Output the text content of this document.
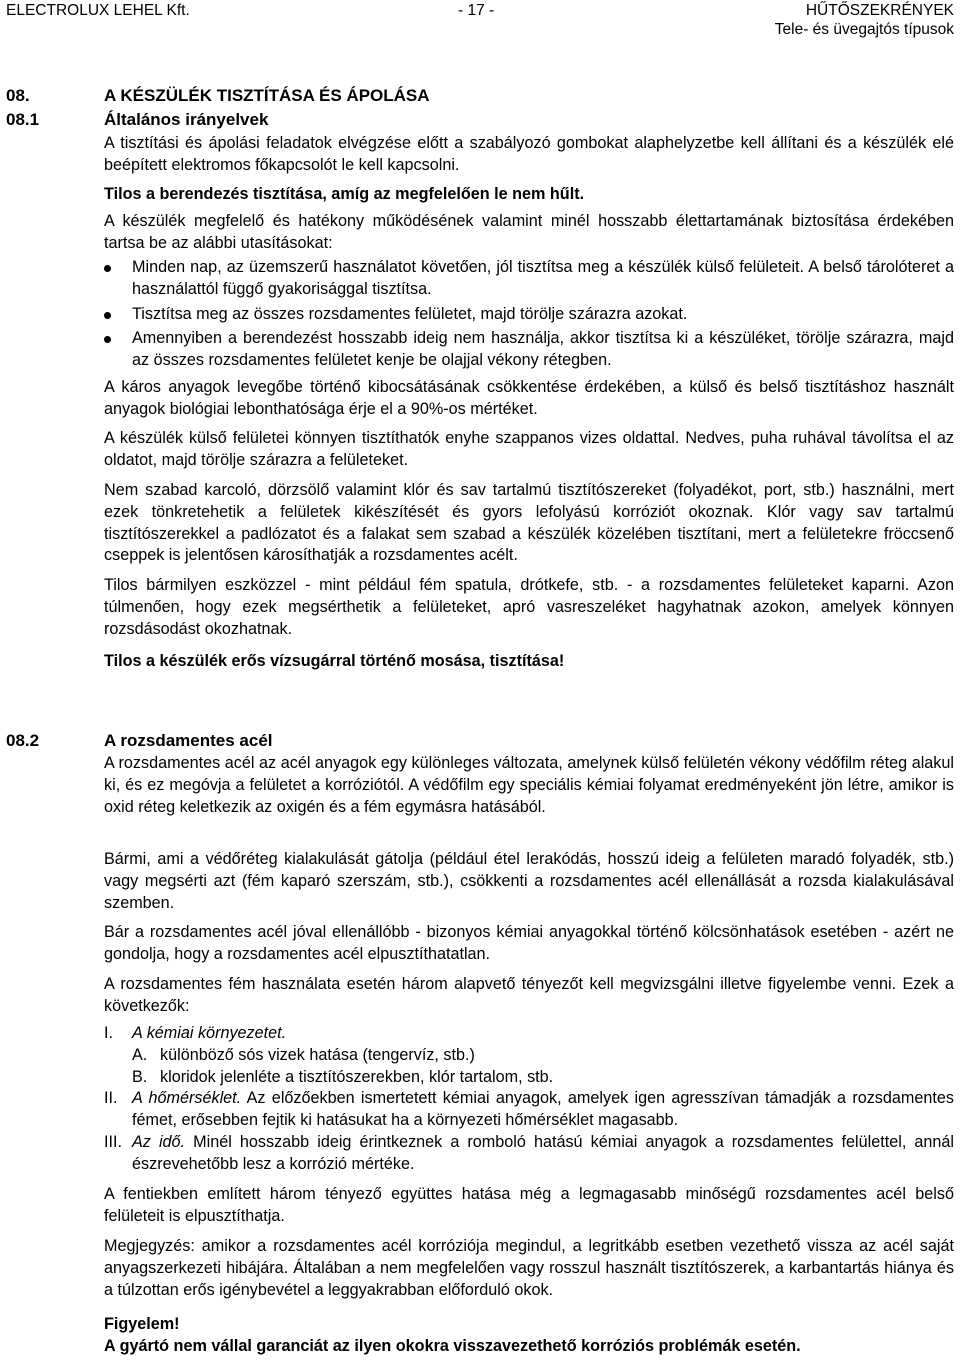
ELECTROLUX LEHEL Kft.	- 17 -	HŰTŐSZEKRÉNYEK
Tele- és üvegajtós típusok
08.	A KÉSZÜLÉK TISZTÍTÁSA ÉS ÁPOLÁSA
08.1	Általános irányelvek

A tisztítási és ápolási feladatok elvégzése előtt a szabályozó gombokat alaphelyzetbe kell állítani és a készülék elé beépített elektromos főkapcsolót le kell kapcsolni.

Tilos a berendezés tisztítása, amíg az megfelelően le nem hűlt.

A készülék megfelelő és hatékony működésének valamint minél hosszabb élettartamának biztosítása érdekében tartsa be az alábbi utasításokat:

Minden nap, az üzemszerű használatot követően, jól tisztítsa meg a készülék külső felületeit. A belső tárolóteret a használattól függő gyakorisággal tisztítsa.
Tisztítsa meg az összes rozsdamentes felületet, majd törölje szárazra azokat.
Amennyiben a berendezést hosszabb ideig nem használja, akkor tisztítsa ki a készüléket, törölje szárazra, majd az összes rozsdamentes felületet kenje be olajjal vékony rétegben.

A káros anyagok levegőbe történő kibocsátásának csökkentése érdekében, a külső és belső tisztításhoz használt anyagok biológiai lebonthatósága érje el a 90%-os mértéket.

A készülék külső felületei könnyen tisztíthatók enyhe szappanos vizes oldattal. Nedves, puha ruhával távolítsa el az oldatot, majd törölje szárazra a felületeket.

Nem szabad karcoló, dörzsölő valamint klór és sav tartalmú tisztítószereket (folyadékot, port, stb.) használni, mert ezek tönkretehetik a felületek kikészítését és gyors lefolyású korróziót okoznak. Klór vagy sav tartalmú tisztítószerekkel a padlózatot és a falakat sem szabad a készülék közelében tisztítani, mert a felületekre fröccsenő cseppek is jelentősen károsíthatják a rozsdamentes acélt.

Tilos bármilyen eszközzel - mint például fém spatula, drótkefe, stb. - a rozsdamentes felületeket kaparni. Azon túlmenően, hogy ezek megsérthetik a felületeket, apró vasreszeléket hagyhatnak azokon, amelyek könnyen rozsdásodást okozhatnak.

Tilos a készülék erős vízsugárral történő mosása, tisztítása!

08.2	A rozsdamentes acél

A rozsdamentes acél az acél anyagok egy különleges változata, amelynek külső felületén vékony védőfilm réteg alakul ki, és ez megóvja a felületet a korróziótól. A védőfilm egy speciális kémiai folyamat eredményeként jön létre, amikor is oxid réteg keletkezik az oxigén és a fém egymásra hatásából.

Bármi, ami a védőréteg kialakulását gátolja (például étel lerakódás, hosszú ideig a felületen maradó folyadék, stb.) vagy megsérti azt (fém kaparó szerszám, stb.), csökkenti a rozsdamentes acél ellenállását a rozsda kialakulásával szemben.

Bár a rozsdamentes acél jóval ellenállóbb - bizonyos kémiai anyagokkal történő kölcsönhatások esetében - azért ne gondolja, hogy a rozsdamentes acél elpusztíthatatlan.

A rozsdamentes fém használata esetén három alapvető tényezőt kell megvizsgálni illetve figyelembe venni. Ezek a következők:

I. A kémiai környezetet.
A. különböző sós vizek hatása (tengervíz, stb.)
B. kloridok jelenléte a tisztítószerekben, klór tartalom, stb.
II. A hőmérséklet. Az előzőekben ismertetett kémiai anyagok, amelyek igen agresszívan támadják a rozsdamentes fémet, erősebben fejtik ki hatásukat ha a környezeti hőmérséklet magasabb.
III. Az idő. Minél hosszabb ideig érintkeznek a romboló hatású kémiai anyagok a rozsdamentes felülettel, annál észrevehetőbb lesz a korrózió mértéke.

A fentiekben említett három tényező együttes hatása még a legmagasabb minőségű rozsdamentes acél belső felületeit is elpusztíthatja.

Megjegyzés: amikor a rozsdamentes acél korróziója megindul, a legritkább esetben vezethető vissza az acél saját anyagszerkezeti hibájára. Általában a nem megfelelően vagy rosszul használt tisztítószerek, a karbantartás hiánya és a túlzottan erős igénybevétel a leggyakrabban előforduló okok.

Figyelem!

A gyártó nem vállal garanciát az ilyen okokra visszavezethető korróziós problémák esetén.
